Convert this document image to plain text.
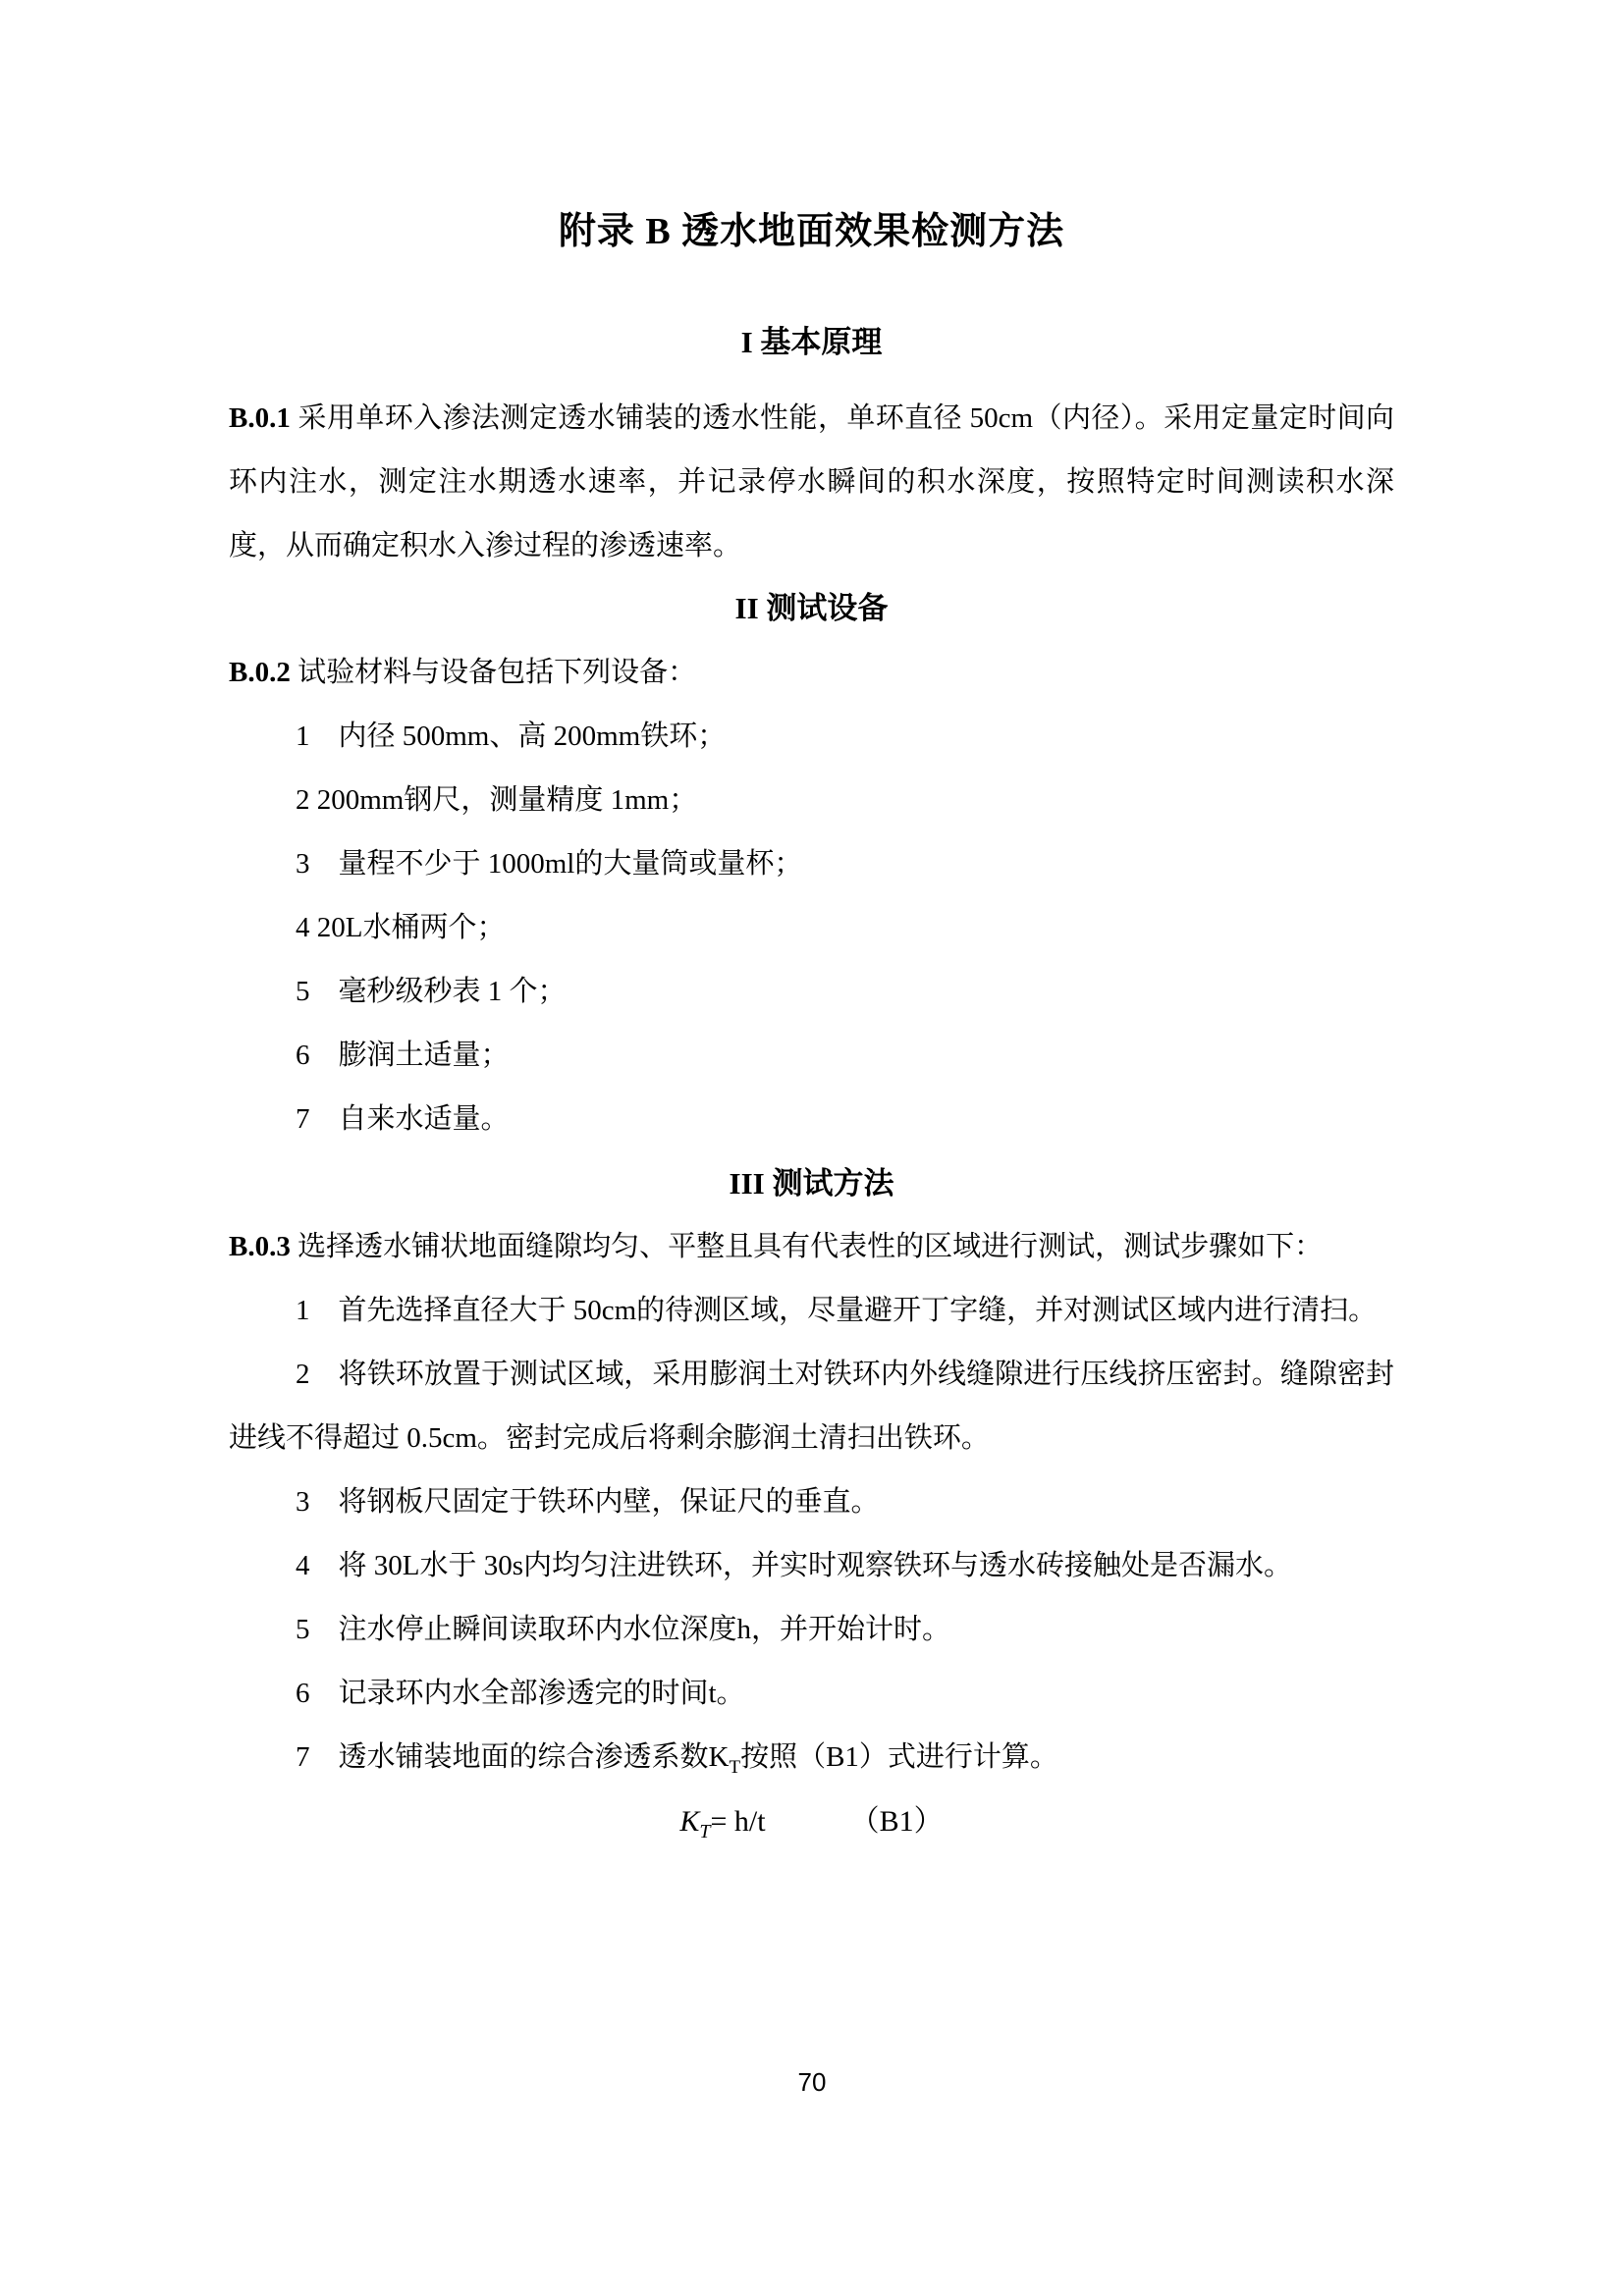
附录 B 透水地面效果检测方法
I 基本原理

B.0.1 采用单环入渗法测定透水铺装的透水性能，单环直径 50cm（内径）。采用定量定时间向环内注水，测定注水期透水速率，并记录停水瞬间的积水深度，按照特定时间测读积水深度，从而确定积水入渗过程的渗透速率。

II 测试设备

B.0.2 试验材料与设备包括下列设备：

1　内径 500mm、高 200mm铁环；

2 200mm钢尺，测量精度 1mm；

3　量程不少于 1000ml的大量筒或量杯；

4 20L水桶两个；

5　毫秒级秒表 1 个；

6　膨润土适量；

7　自来水适量。

III 测试方法

B.0.3 选择透水铺状地面缝隙均匀、平整且具有代表性的区域进行测试，测试步骤如下：

1　首先选择直径大于 50cm的待测区域，尽量避开丁字缝，并对测试区域内进行清扫。

2　将铁环放置于测试区域，采用膨润土对铁环内外线缝隙进行压线挤压密封。缝隙密封进线不得超过 0.5cm。密封完成后将剩余膨润土清扫出铁环。

3　将钢板尺固定于铁环内壁，保证尺的垂直。

4　将 30L水于 30s内均匀注进铁环，并实时观察铁环与透水砖接触处是否漏水。

5　注水停止瞬间读取环内水位深度h，并开始计时。

6　记录环内水全部渗透完的时间t。

7　透水铺装地面的综合渗透系数$K_T$按照（B1）式进行计算。

$K_T= h/t$	（B1）

70
